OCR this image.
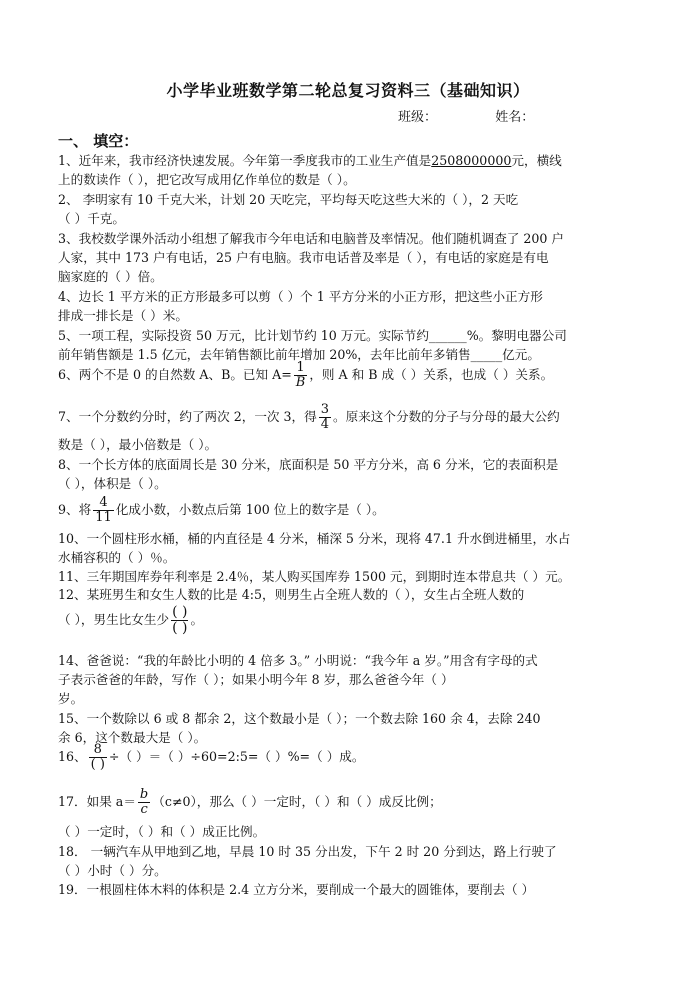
小学毕业班数学第二轮总复习资料三（基础知识）
班级：	姓名：
一、 填空：
1、近年来，我市经济快速发展。今年第一季度我市的工业生产值是2508000000元，横线
上的数读作（ ），把它改写成用亿作单位的数是（ ）。
2、 李明家有 10 千克大米，计划 20 天吃完，平均每天吃这些大米的（ ），2 天吃
（ ）千克。
3、我校数学课外活动小组想了解我市今年电话和电脑普及率情况。他们随机调查了 200 户
人家，其中 173 户有电话，25 户有电脑。我市电话普及率是（ ），有电话的家庭是有电
脑家庭的（ ）倍。
4、边长 1 平方米的正方形最多可以剪（ ）个 1 平方分米的小正方形，把这些小正方形
排成一排长是（ ）米。
5、一项工程，实际投资 50 万元，比计划节约 10 万元。实际节约______%。黎明电器公司
前年销售额是 1.5 亿元，去年销售额比前年增加 20%，去年比前年多销售_____亿元。
6、两个不是 0 的自然数 A、B。已知 $A= \frac{1}{B}$ ，则 A 和 B 成（ ）关系，也成（ ）关系。
7、一个分数约分时，约了两次 2，一次 3，得 $\frac{3}{4}$ 。原来这个分数的分子与分母的最大公约
数是（ ），最小倍数是（ ）。
8、一个长方体的底面周长是 30 分米，底面积是 50 平方分米，高 6 分米，它的表面积是
（ ），体积是（ ）。
9、将 $\frac{4}{11}$ 化成小数，小数点后第 100 位上的数字是（ ）。
10、一个圆柱形水桶，桶的内直径是 4 分米，桶深 5 分米，现将 47.1 升水倒进桶里，水占
水桶容积的（ ）％。
11、三年期国库券年利率是 2.4％，某人购买国库券 1500 元，到期时连本带息共（ ）元。
12、某班男生和女生人数的比是 4:5，则男生占全班人数的（ ），女生占全班人数的
（ ），男生比女生少 ( )
( )
。
14、爸爸说：“我的年龄比小明的 4 倍多 3。” 小明说：“我今年 a 岁。”用含有字母的式
子表示爸爸的年龄，写作（ ）；如果小明今年 8 岁，那么爸爸今年（ ）
岁。
15、一个数除以 6 或 8 都余 2，这个数最小是（ ）；一个数去除 160 余 4，去除 240
余 6，这个数最大是（ ）。
16、 $\frac{8}{( )}$ ÷（ ）＝（ ）÷60=2:5=（ ）%=（ ）成。
17．如果 $a= \frac{b}{c} (c\ne 0)$，那么（ ）一定时，（ ）和（ ）成反比例；
（ ）一定时，（ ）和（ ）成正比例。
18． 一辆汽车从甲地到乙地，早晨 10 时 35 分出发，下午 2 时 20 分到达，路上行驶了
（ ）小时（ ）分。
19．一根圆柱体木料的体积是 2.4 立方分米，要削成一个最大的圆锥体，要削去（ ）
